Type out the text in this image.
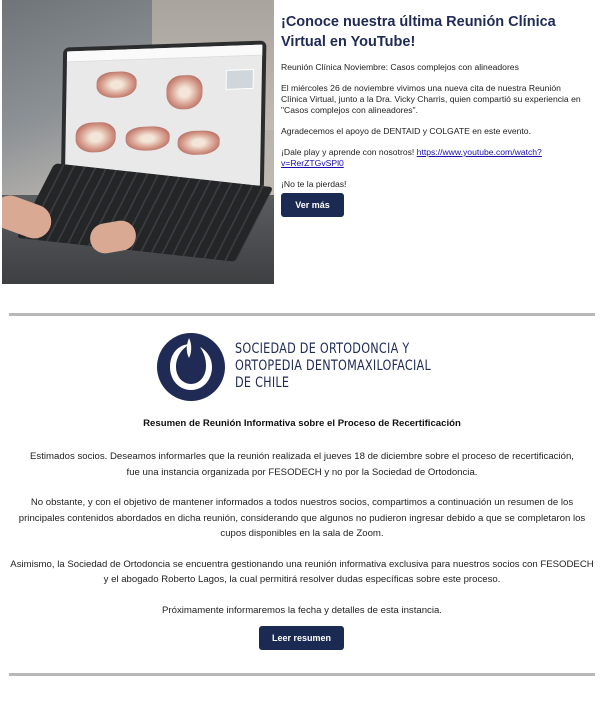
¡Conoce nuestra última Reunión Clínica Virtual en YouTube!
Reunión Clínica Noviembre: Casos complejos con alineadores
El miércoles 26 de noviembre vivimos una nueva cita de nuestra Reunión Clínica Virtual, junto a la Dra. Vicky Charris, quien compartió su experiencia en "Casos complejos con alineadores".
Agradecemos el apoyo de DENTAID y COLGATE en este evento.
¡Dale play y aprende con nosotros! https://www.youtube.com/watch?v=RerZTGvSPl0
¡No te la pierdas!
Ver más
SOCIEDAD DE ORTODONCIA Y
ORTOPEDIA DENTOMAXILOFACIAL
DE CHILE
Resumen de Reunión Informativa sobre el Proceso de Recertificación
Estimados socios. Deseamos informarles que la reunión realizada el jueves 18 de diciembre sobre el proceso de recertificación, fue una instancia organizada por FESODECH y no por la Sociedad de Ortodoncia.
No obstante, y con el objetivo de mantener informados a todos nuestros socios, compartimos a continuación un resumen de los principales contenidos abordados en dicha reunión, considerando que algunos no pudieron ingresar debido a que se completaron los cupos disponibles en la sala de Zoom.
Asimismo, la Sociedad de Ortodoncia se encuentra gestionando una reunión informativa exclusiva para nuestros socios con FESODECH y el abogado Roberto Lagos, la cual permitirá resolver dudas específicas sobre este proceso.
Próximamente informaremos la fecha y detalles de esta instancia.
Leer resumen
